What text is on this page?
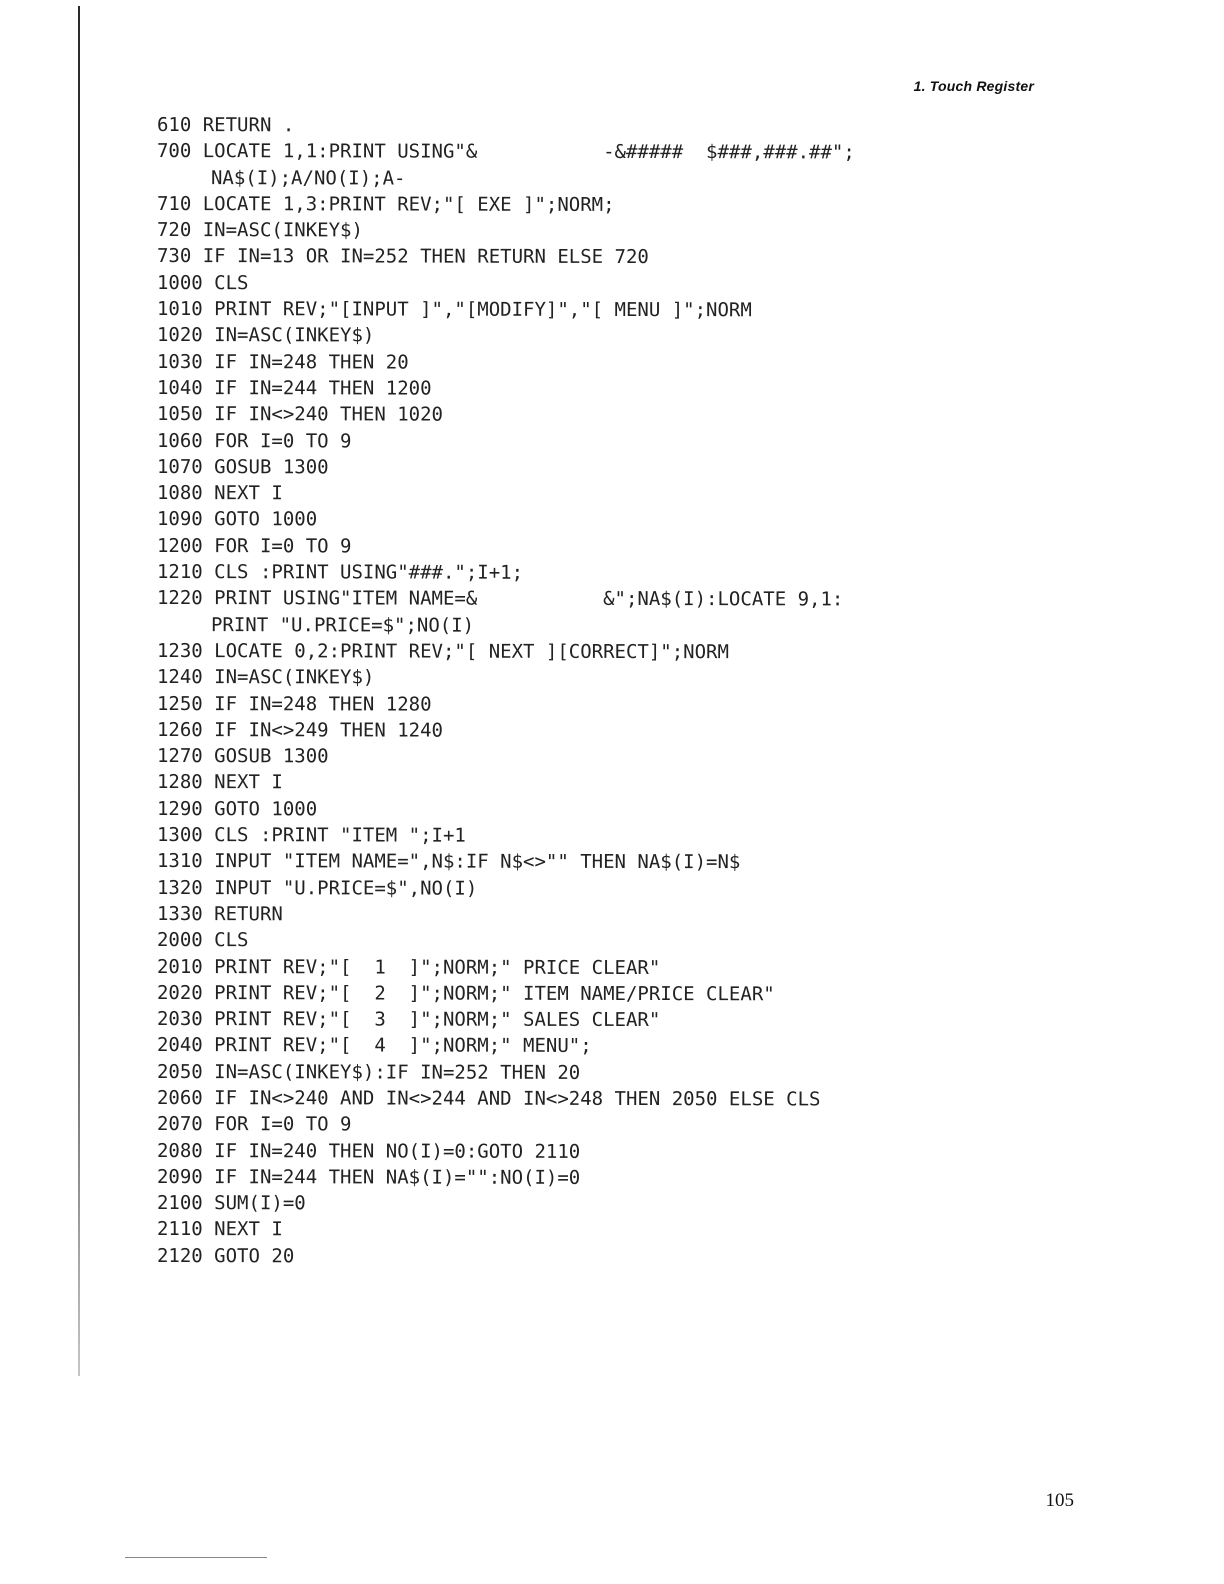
1. Touch Register
610 RETURN .
700 LOCATE 1,1:PRINT USING"&           -&#####  $###,###.##";
NA$(I);A/NO(I);A-
710 LOCATE 1,3:PRINT REV;"[ EXE ]";NORM;
720 IN=ASC(INKEY$)
730 IF IN=13 OR IN=252 THEN RETURN ELSE 720
1000 CLS
1010 PRINT REV;"[INPUT ]","[MODIFY]","[ MENU ]";NORM
1020 IN=ASC(INKEY$)
1030 IF IN=248 THEN 20
1040 IF IN=244 THEN 1200
1050 IF IN<>240 THEN 1020
1060 FOR I=0 TO 9
1070 GOSUB 1300
1080 NEXT I
1090 GOTO 1000
1200 FOR I=0 TO 9
1210 CLS :PRINT USING"###.";I+1;
1220 PRINT USING"ITEM NAME=&           &";NA$(I):LOCATE 9,1:
PRINT "U.PRICE=$";NO(I)
1230 LOCATE 0,2:PRINT REV;"[ NEXT ][CORRECT]";NORM
1240 IN=ASC(INKEY$)
1250 IF IN=248 THEN 1280
1260 IF IN<>249 THEN 1240
1270 GOSUB 1300
1280 NEXT I
1290 GOTO 1000
1300 CLS :PRINT "ITEM ";I+1
1310 INPUT "ITEM NAME=",N$:IF N$<>"" THEN NA$(I)=N$
1320 INPUT "U.PRICE=$",NO(I)
1330 RETURN
2000 CLS
2010 PRINT REV;"[  1  ]";NORM;" PRICE CLEAR"
2020 PRINT REV;"[  2  ]";NORM;" ITEM NAME/PRICE CLEAR"
2030 PRINT REV;"[  3  ]";NORM;" SALES CLEAR"
2040 PRINT REV;"[  4  ]";NORM;" MENU";
2050 IN=ASC(INKEY$):IF IN=252 THEN 20
2060 IF IN<>240 AND IN<>244 AND IN<>248 THEN 2050 ELSE CLS
2070 FOR I=0 TO 9
2080 IF IN=240 THEN NO(I)=0:GOTO 2110
2090 IF IN=244 THEN NA$(I)="":NO(I)=0
2100 SUM(I)=0
2110 NEXT I
2120 GOTO 20
105
